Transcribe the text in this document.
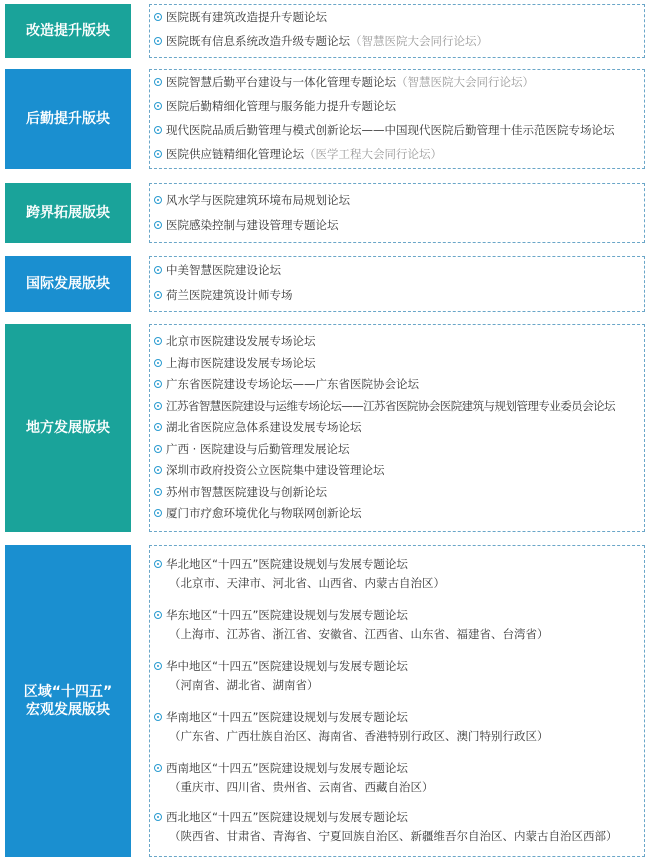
改造提升版块
医院既有建筑改造提升专题论坛
医院既有信息系统改造升级专题论坛（智慧医院大会同行论坛）
后勤提升版块
医院智慧后勤平台建设与一体化管理专题论坛（智慧医院大会同行论坛）
医院后勤精细化管理与服务能力提升专题论坛
现代医院品质后勤管理与模式创新论坛——中国现代医院后勤管理十佳示范医院专场论坛
医院供应链精细化管理论坛（医学工程大会同行论坛）
跨界拓展版块
风水学与医院建筑环境布局规划论坛
医院感染控制与建设管理专题论坛
国际发展版块
中美智慧医院建设论坛
荷兰医院建筑设计师专场
地方发展版块
北京市医院建设发展专场论坛
上海市医院建设发展专场论坛
广东省医院建设专场论坛——广东省医院协会论坛
江苏省智慧医院建设与运维专场论坛——江苏省医院协会医院建筑与规划管理专业委员会论坛
湖北省医院应急体系建设发展专场论坛
广西 · 医院建设与后勤管理发展论坛
深圳市政府投资公立医院集中建设管理论坛
苏州市智慧医院建设与创新论坛
厦门市疗愈环境优化与物联网创新论坛
区域“十四五”
宏观发展版块
华北地区“十四五”医院建设规划与发展专题论坛
（北京市、天津市、河北省、山西省、内蒙古自治区）
华东地区“十四五”医院建设规划与发展专题论坛
（上海市、江苏省、浙江省、安徽省、江西省、山东省、福建省、台湾省）
华中地区“十四五”医院建设规划与发展专题论坛
（河南省、湖北省、湖南省）
华南地区“十四五”医院建设规划与发展专题论坛
（广东省、广西壮族自治区、海南省、香港特别行政区、澳门特别行政区）
西南地区“十四五”医院建设规划与发展专题论坛
（重庆市、四川省、贵州省、云南省、西藏自治区）
西北地区“十四五”医院建设规划与发展专题论坛
（陕西省、甘肃省、青海省、宁夏回族自治区、新疆维吾尔自治区、内蒙古自治区西部）
